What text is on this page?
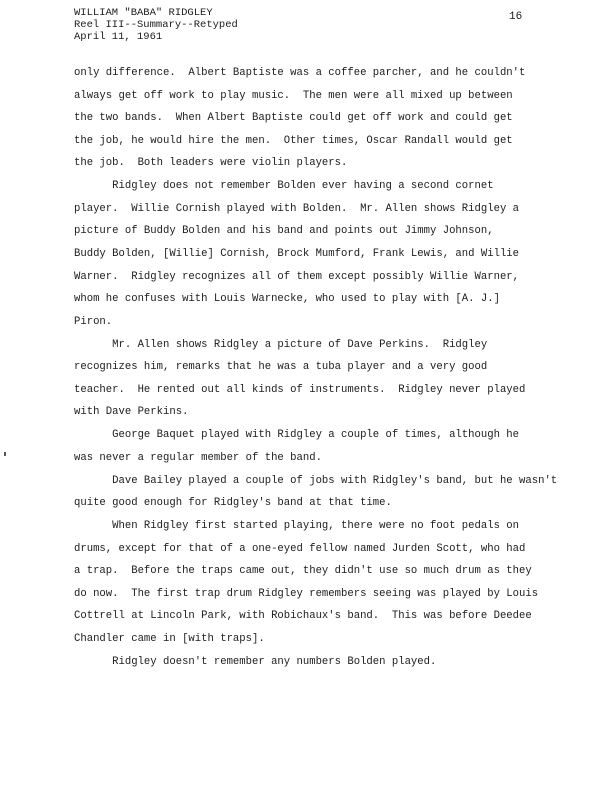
WILLIAM "BABA" RIDGLEY
Reel III--Summary--Retyped
April 11, 1961
16
only difference.  Albert Baptiste was a coffee parcher, and he couldn't
always get off work to play music.  The men were all mixed up between
the two bands.  When Albert Baptiste could get off work and could get
the job, he would hire the men.  Other times, Oscar Randall would get
the job.  Both leaders were violin players.
Ridgley does not remember Bolden ever having a second cornet
player.  Willie Cornish played with Bolden.  Mr. Allen shows Ridgley a
picture of Buddy Bolden and his band and points out Jimmy Johnson,
Buddy Bolden, [Willie] Cornish, Brock Mumford, Frank Lewis, and Willie
Warner.  Ridgley recognizes all of them except possibly Willie Warner,
whom he confuses with Louis Warnecke, who used to play with [A. J.]
Piron.
Mr. Allen shows Ridgley a picture of Dave Perkins.  Ridgley
recognizes him, remarks that he was a tuba player and a very good
teacher.  He rented out all kinds of instruments.  Ridgley never played
with Dave Perkins.
George Baquet played with Ridgley a couple of times, although he
was never a regular member of the band.
Dave Bailey played a couple of jobs with Ridgley's band, but he wasn't
quite good enough for Ridgley's band at that time.
When Ridgley first started playing, there were no foot pedals on
drums, except for that of a one-eyed fellow named Jurden Scott, who had
a trap.  Before the traps came out, they didn't use so much drum as they
do now.  The first trap drum Ridgley remembers seeing was played by Louis
Cottrell at Lincoln Park, with Robichaux's band.  This was before Deedee
Chandler came in [with traps].
Ridgley doesn't remember any numbers Bolden played.
